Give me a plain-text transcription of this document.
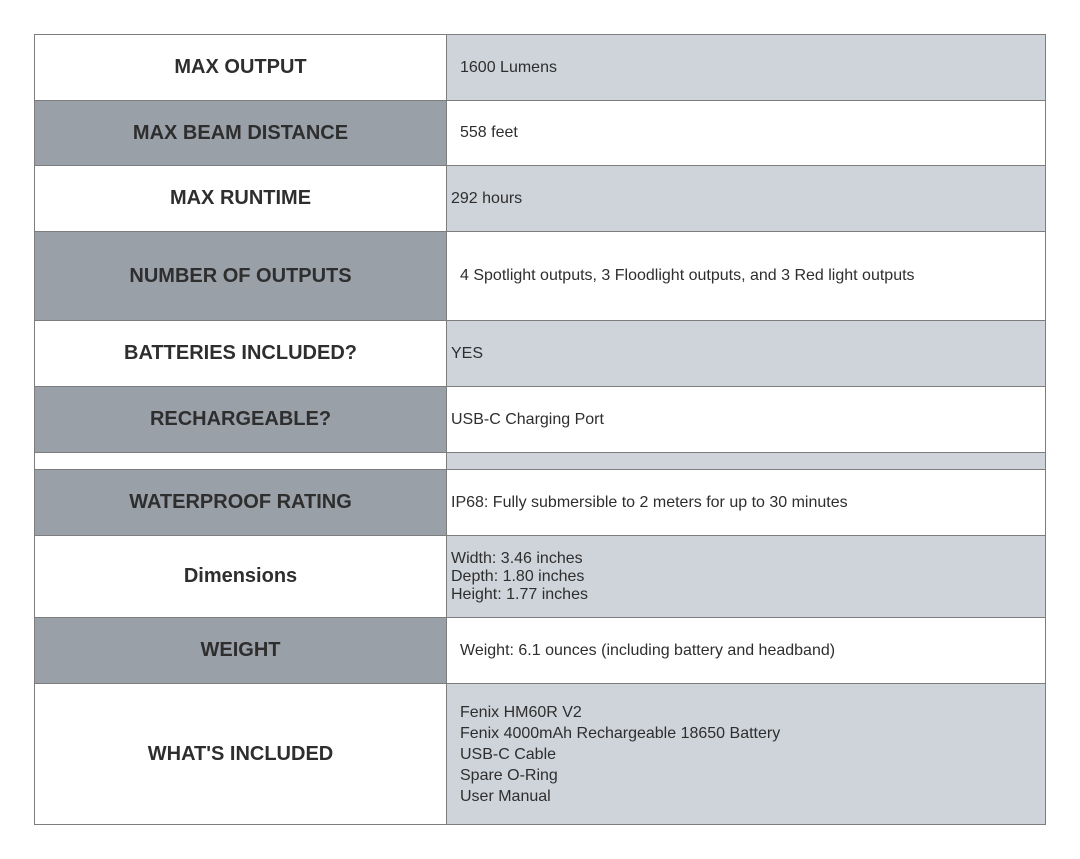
MAX OUTPUT	1600 Lumens
MAX BEAM DISTANCE	558 feet
MAX RUNTIME	292 hours
NUMBER OF OUTPUTS	4 Spotlight outputs, 3 Floodlight outputs, and 3 Red light outputs
BATTERIES INCLUDED?	YES
RECHARGEABLE?	USB-C Charging Port

WATERPROOF RATING	IP68: Fully submersible to 2 meters for up to 30 minutes
Dimensions	Width: 3.46 inches
Depth: 1.80 inches
Height: 1.77 inches

WEIGHT	Weight: 6.1 ounces (including battery and headband)
WHAT'S INCLUDED	Fenix HM60R V2
Fenix 4000mAh Rechargeable 18650 Battery
USB-C Cable
Spare O-Ring
User Manual
